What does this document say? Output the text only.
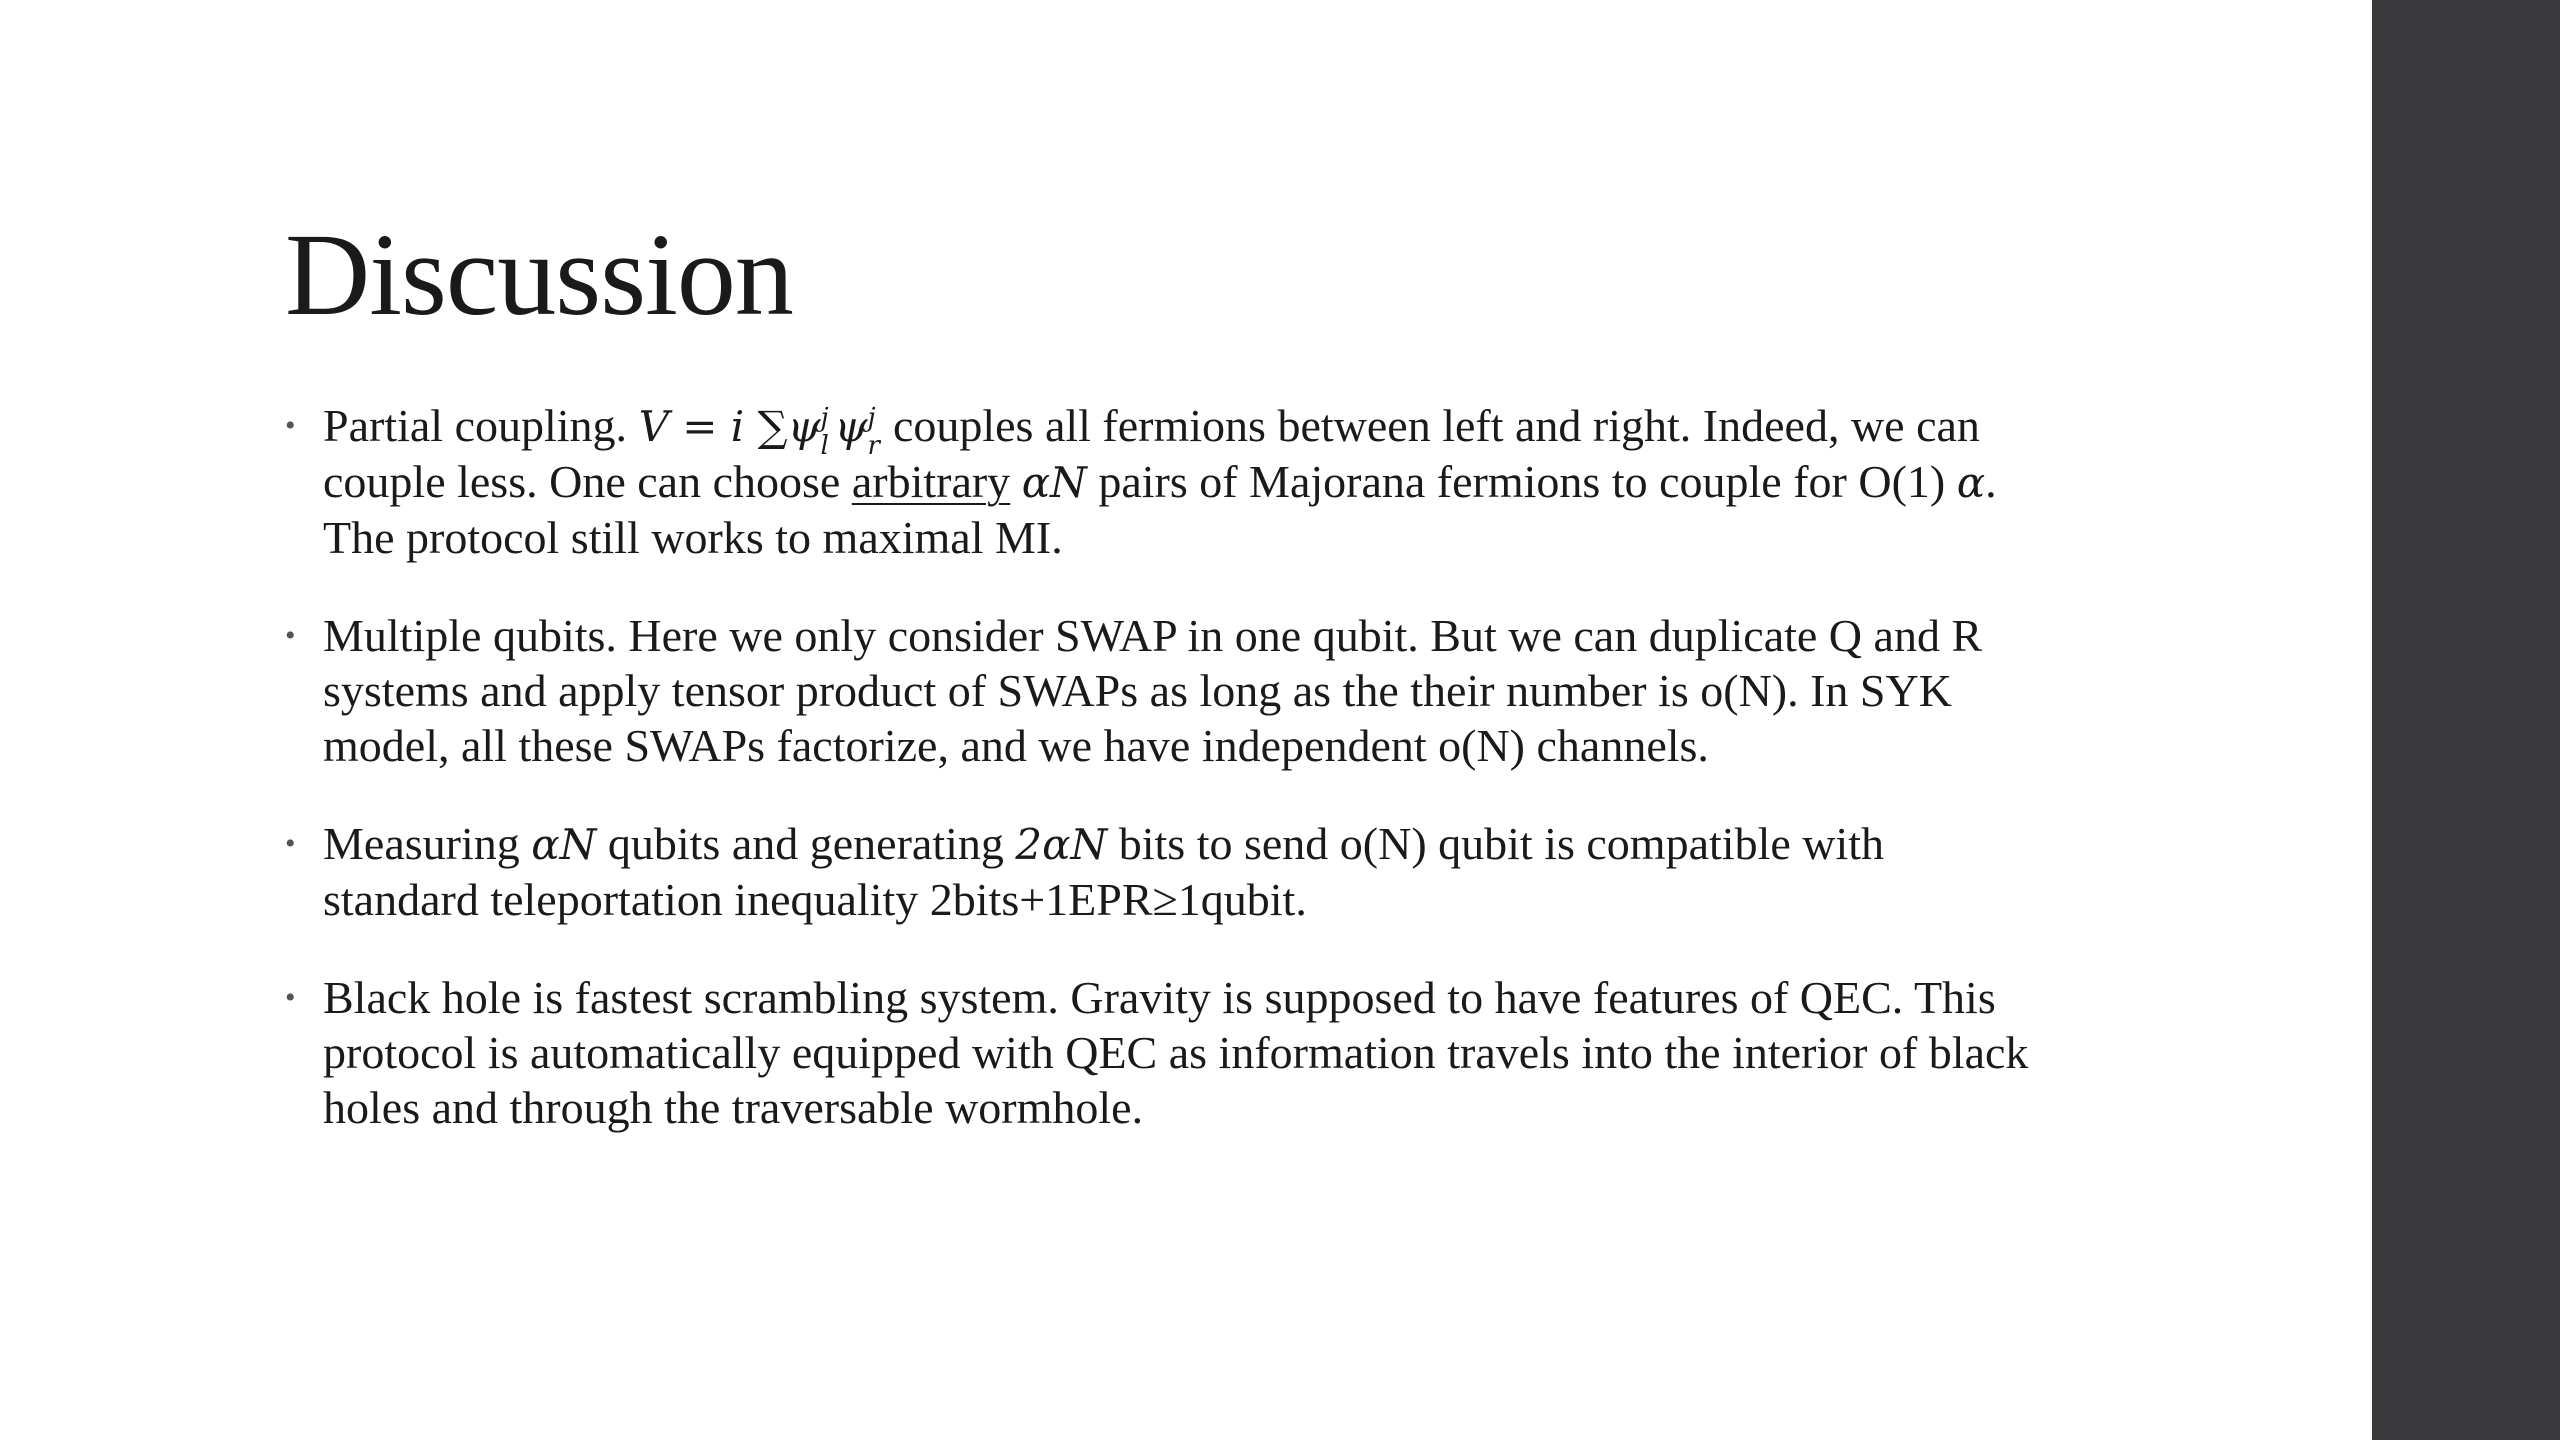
Discussion
• Partial coupling. V = i ∑ψ j
l ψ j
r couples all fermions between left and right. Indeed, we can couple less. One can choose arbitrary αN pairs of Majorana fermions to couple for O(1) α. The protocol still works to maximal MI.
• Multiple qubits. Here we only consider SWAP in one qubit. But we can duplicate Q and R systems and apply tensor product of SWAPs as long as the their number is o(N). In SYK model, all these SWAPs factorize, and we have independent o(N) channels.
• Measuring αN qubits and generating 2αN bits to send o(N) qubit is compatible with standard teleportation inequality 2bits+1EPR≥1qubit.
• Black hole is fastest scrambling system. Gravity is supposed to have features of QEC. This protocol is automatically equipped with QEC as information travels into the interior of black holes and through the traversable wormhole.
